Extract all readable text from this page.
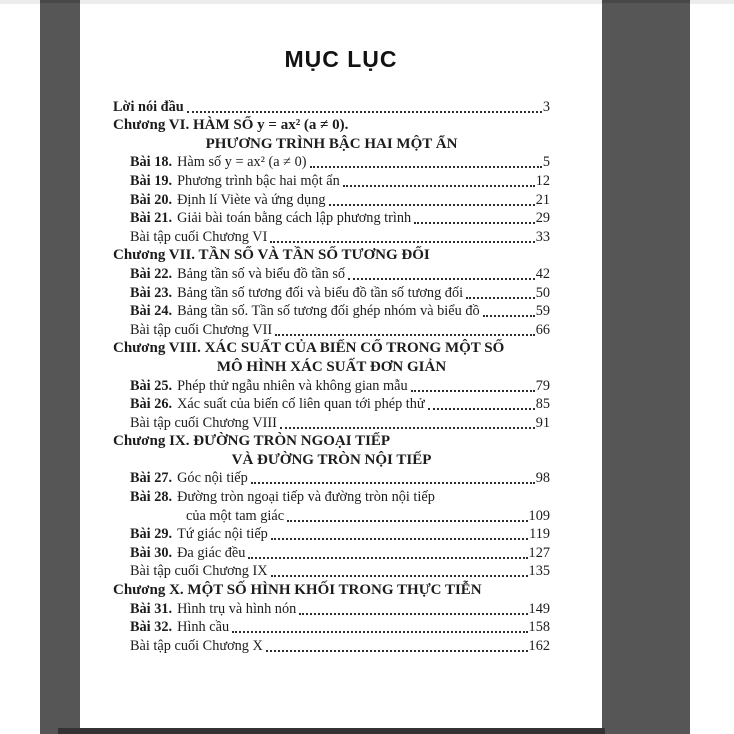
MỤC LỤC
Lời nói đầu	3
Chương VI. HÀM SỐ y = ax² (a ≠ 0).
PHƯƠNG TRÌNH BẬC HAI MỘT ẨN
Bài 18. Hàm số y = ax² (a ≠ 0)	5
Bài 19. Phương trình bậc hai một ẩn	12
Bài 20. Định lí Viète và ứng dụng	21
Bài 21. Giải bài toán bằng cách lập phương trình	29
Bài tập cuối Chương VI	33
Chương VII. TẦN SỐ VÀ TẦN SỐ TƯƠNG ĐỐI
Bài 22. Bảng tần số và biểu đồ tần số	42
Bài 23. Bảng tần số tương đối và biểu đồ tần số tương đối	50
Bài 24. Bảng tần số. Tần số tương đối ghép nhóm và biểu đồ	59
Bài tập cuối Chương VII	66
Chương VIII. XÁC SUẤT CỦA BIẾN CỐ TRONG MỘT SỐ
MÔ HÌNH XÁC SUẤT ĐƠN GIẢN
Bài 25. Phép thử ngẫu nhiên và không gian mẫu	79
Bài 26. Xác suất của biến cố liên quan tới phép thử	85
Bài tập cuối Chương VIII	91
Chương IX. ĐƯỜNG TRÒN NGOẠI TIẾP
VÀ ĐƯỜNG TRÒN NỘI TIẾP
Bài 27. Góc nội tiếp	98
Bài 28. Đường tròn ngoại tiếp và đường tròn nội tiếp
của một tam giác	109
Bài 29. Tứ giác nội tiếp	119
Bài 30. Đa giác đều	127
Bài tập cuối Chương IX	135
Chương X. MỘT SỐ HÌNH KHỐI TRONG THỰC TIỄN
Bài 31. Hình trụ và hình nón	149
Bài 32. Hình cầu	158
Bài tập cuối Chương X	162
